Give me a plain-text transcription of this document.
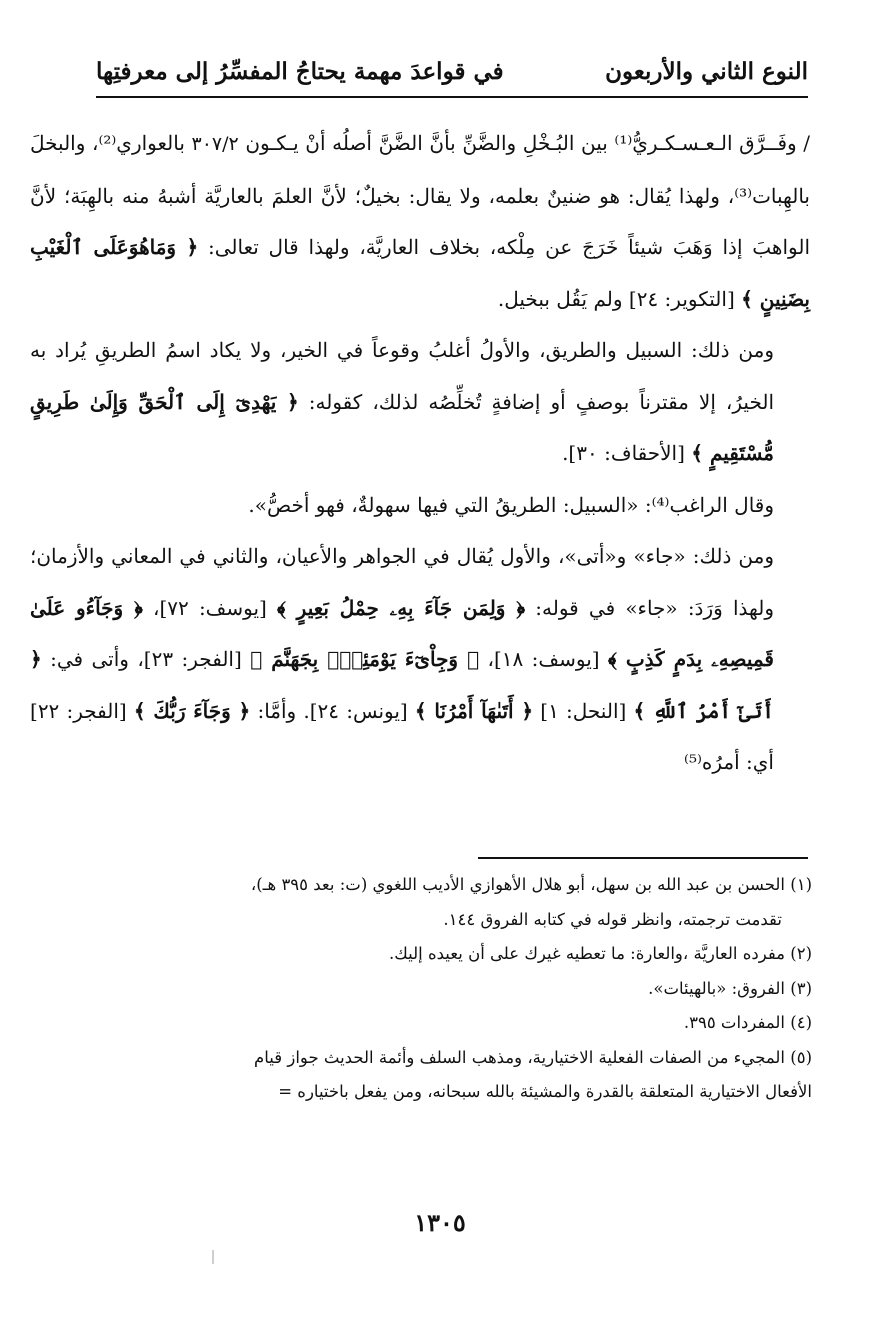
النوع الثاني والأربعون
في قواعدَ مهمة يحتاجُ المفسِّرُ إلى معرفتِها

/ وفَــرَّق الـعـسـكـريُّ⁽¹⁾ بين البُـخْلِ والضَّنِّ بأنَّ الضَّنَّ أصلُه أنْ يـكـون ٣٠٧/٢ بالعواري⁽²⁾، والبخلَ بالهِبات⁽³⁾، ولهذا يُقال: هو ضنينٌ بعلمه، ولا يقال: بخيلٌ؛ لأنَّ العلمَ بالعاريَّة أشبهُ منه بالهِبَة؛ لأنَّ الواهبَ إذا وَهَبَ شيئاً خَرَجَ عن مِلْكه، بخلاف العاريَّة، ولهذا قال تعالى: ﴿ وَمَاهُوَعَلَى ٱلْغَيْبِ بِضَنِينٍ ﴾ [التكوير: ٢٤] ولم يَقُل ببخيل.

ومن ذلك: السبيل والطريق، والأولُ أغلبُ وقوعاً في الخير، ولا يكاد اسمُ الطريقِ يُراد به الخيرُ، إلا مقترناً بوصفٍ أو إضافةٍ تُخلِّصُه لذلك، كقوله: ﴿ يَهْدِىٓ إِلَى ٱلْحَقِّ وَإِلَىٰ طَرِيقٍ مُّسْتَقِيمٍ ﴾ [الأحقاف: ٣٠].

وقال الراغب⁽⁴⁾: «السبيل: الطريقُ التي فيها سهولةٌ، فهو أخصُّ».

ومن ذلك: «جاء» و«أتى»، والأول يُقال في الجواهر والأعيان، والثاني في المعاني والأزمان؛ ولهذا وَرَدَ: «جاء» في قوله: ﴿ وَلِمَن جَآءَ بِهِۦ حِمْلُ بَعِيرٍ ﴾ [يوسف: ٧٢]، ﴿ وَجَآءُو عَلَىٰ قَمِيصِهِۦ بِدَمٍ كَذِبٍ ﴾ [يوسف: ١٨]، ﴿ وَجِاْىٓءَ يَوْمَئِذٍۭ بِجَهَنَّمَ ﴾ [الفجر: ٢٣]، وأتى في: ﴿ أَتَىٰٓ أَمْرُ ٱللَّهِ ﴾ [النحل: ١] ﴿ أَتَىٰهَآ أَمْرُنَا ﴾ [يونس: ٢٤]. وأمَّا: ﴿ وَجَآءَ رَبُّكَ ﴾ [الفجر: ٢٢] أي: أمرُه⁽⁵⁾

(١) الحسن بن عبد الله بن سهل، أبو هلال الأهوازي الأديب اللغوي (ت: بعد ٣٩٥ هـ)،

تقدمت ترجمته، وانظر قوله في كتابه الفروق ١٤٤.

(٢) مفرده العاريَّة ،والعارة: ما تعطيه غيرك على أن يعيده إليك.

(٣) الفروق: «بالهيئات».

(٤) المفردات ٣٩٥.

(٥) المجيء من الصفات الفعلية الاختيارية، ومذهب السلف وأئمة الحديث جواز قيام

الأفعال الاختيارية المتعلقة بالقدرة والمشيئة بالله سبحانه، ومن يفعل باختياره =

١٣٠٥
